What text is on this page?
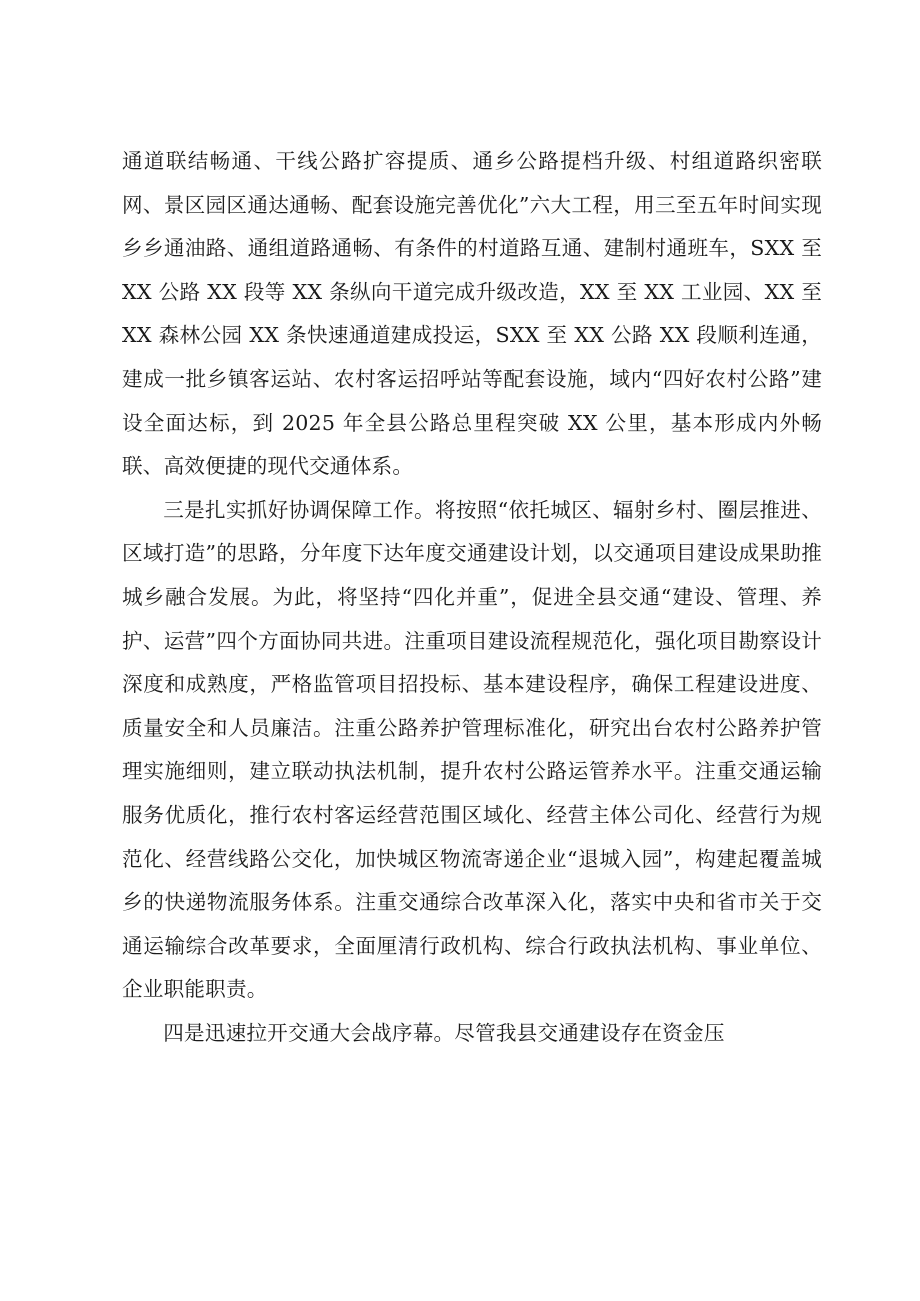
通道联结畅通、干线公路扩容提质、通乡公路提档升级、村组道路织密联网、景区园区通达通畅、配套设施完善优化”六大工程，用三至五年时间实现乡乡通油路、通组道路通畅、有条件的村道路互通、建制村通班车，SXX 至 XX 公路 XX 段等 XX 条纵向干道完成升级改造，XX 至 XX 工业园、XX 至 XX 森林公园 XX 条快速通道建成投运，SXX 至 XX 公路 XX 段顺利连通，建成一批乡镇客运站、农村客运招呼站等配套设施，域内“四好农村公路”建设全面达标，到 2025 年全县公路总里程突破 XX 公里，基本形成内外畅联、高效便捷的现代交通体系。

三是扎实抓好协调保障工作。将按照“依托城区、辐射乡村、圈层推进、区域打造”的思路，分年度下达年度交通建设计划，以交通项目建设成果助推城乡融合发展。为此，将坚持“四化并重”，促进全县交通“建设、管理、养护、运营”四个方面协同共进。注重项目建设流程规范化，强化项目勘察设计深度和成熟度，严格监管项目招投标、基本建设程序，确保工程建设进度、质量安全和人员廉洁。注重公路养护管理标准化，研究出台农村公路养护管理实施细则，建立联动执法机制，提升农村公路运管养水平。注重交通运输服务优质化，推行农村客运经营范围区域化、经营主体公司化、经营行为规范化、经营线路公交化，加快城区物流寄递企业“退城入园”，构建起覆盖城乡的快递物流服务体系。注重交通综合改革深入化，落实中央和省市关于交通运输综合改革要求，全面厘清行政机构、综合行政执法机构、事业单位、企业职能职责。

四是迅速拉开交通大会战序幕。尽管我县交通建设存在资金压
